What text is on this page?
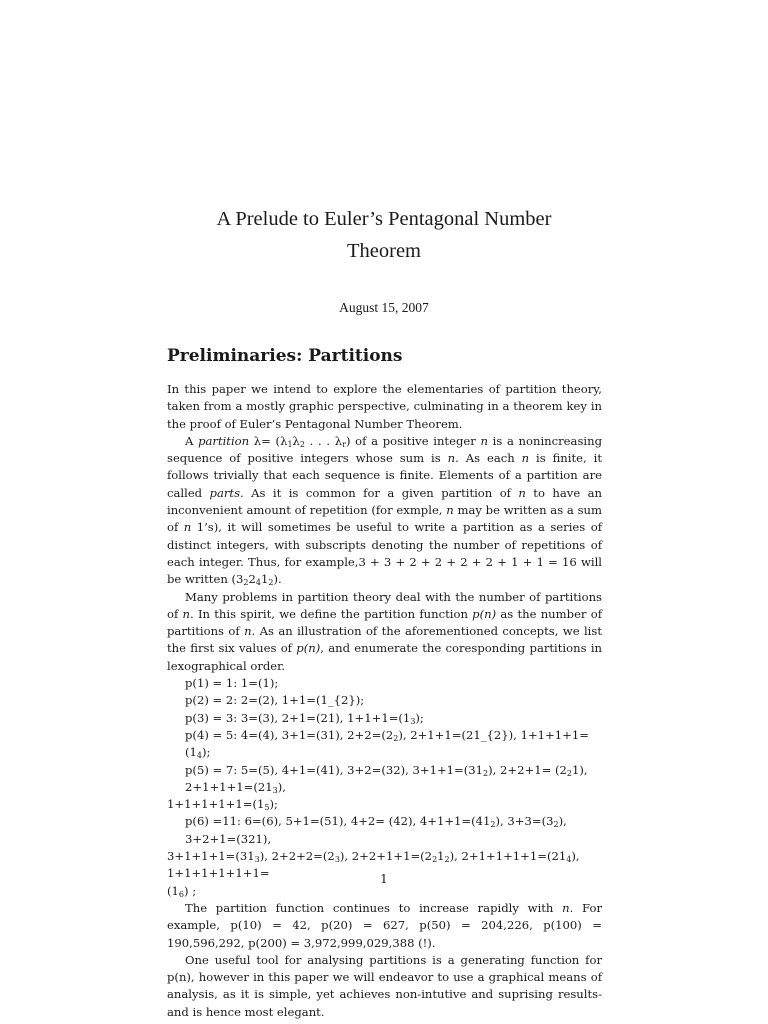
A Prelude to Euler’s Pentagonal Number
Theorem
August 15, 2007
Preliminaries: Partitions

In this paper we intend to explore the elementaries of partition theory, taken from a mostly graphic perspective, culminating in a theorem key in the proof of Euler’s Pentagonal Number Theorem.

A partition $\lambda= (\lambda_1\lambda_2$ . . . $\lambda_r$) of a positive integer n is a nonincreasing sequence of positive integers whose sum is n. As each n is finite, it follows trivially that each sequence is finite. Elements of a partition are called parts. As it is common for a given partition of n to have an inconvenient amount of repetition (for exmple, n may be written as a sum of n 1’s), it will sometimes be useful to write a partition as a series of distinct integers, with subscripts denoting the number of repetitions of each integer. Thus, for example,3 + 3 + 2 + 2 + 2 + 2 + 1 + 1 = 16 will be written $(3_22_41_2)$.

Many problems in partition theory deal with the number of partitions of n. In this spirit, we define the partition function p(n) as the number of partitions of n. As an illustration of the aforementioned concepts, we list the first six values of p(n), and enumerate the coresponding partitions in lexographical order.

p(1) = 1: 1=(1);

p(2) = 2: 2=(2), 1+1=(1_{2});

p(3) = 3: 3=(3), 2+1=(21), $1+1+1=(1_3)$;

p(4) = 5: 4=(4), 3+1=(31), $2+2=(2_2)$, 2+1+1=(21_{2}), $1+1+1+1=(1_4)$;

p(5) = 7: 5=(5), 4+1=(41), 3+2=(32), $3+1+1=(31_2)$, $2+2+1= (2_21)$, $2+1+1+1=(21_3)$,

$1+1+1+1+1=(1_5)$;

p(6) =11: 6=(6), 5+1=(51), 4+2= (42), $4+1+1=(41_2)$, $3+3=(3_2)$, 3+2+1=(321),

$3+1+1+1=(31_3)$, $2+2+2=(2_3)$, $2+2+1+1=(2_21_2)$, $2+1+1+1+1=(21_4)$, 1+1+1+1+1+1=

$(1_6)$ ;

The partition function continues to increase rapidly with n. For example, p(10) = 42, p(20) = 627, p(50) = 204,226, p(100) = 190,596,292, p(200) = 3,972,999,029,388 (!).

One useful tool for analysing partitions is a generating function for p(n), however in this paper we will endeavor to use a graphical means of analysis, as it is simple, yet achieves non-intutive and suprising results- and is hence most elegant.

1
